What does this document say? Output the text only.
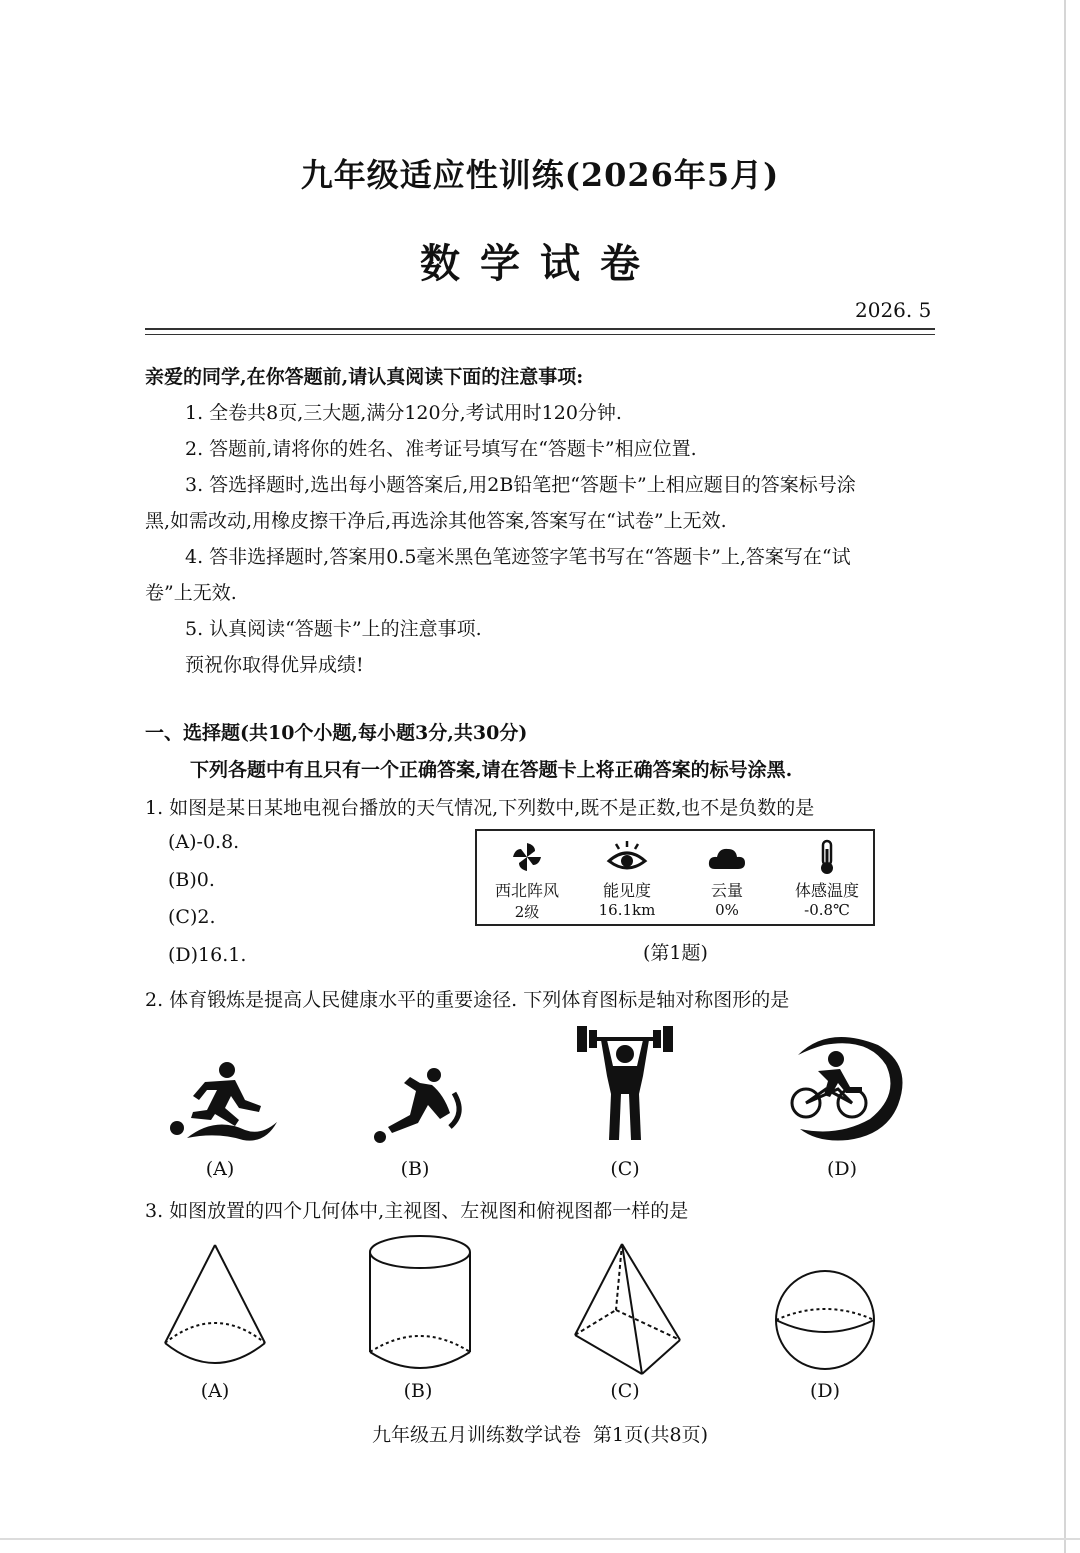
九年级适应性训练(2026年5月)
数学试卷
2026. 5
亲爱的同学,在你答题前,请认真阅读下面的注意事项:
1. 全卷共8页,三大题,满分120分,考试用时120分钟.
2. 答题前,请将你的姓名、准考证号填写在“答题卡”相应位置.
3. 答选择题时,选出每小题答案后,用2B铅笔把“答题卡”上相应题目的答案标号涂
黑,如需改动,用橡皮擦干净后,再选涂其他答案,答案写在“试卷”上无效.
4. 答非选择题时,答案用0.5毫米黑色笔迹签字笔书写在“答题卡”上,答案写在“试
卷”上无效.
5. 认真阅读“答题卡”上的注意事项.
预祝你取得优异成绩!
一、选择题(共10个小题,每小题3分,共30分)
下列各题中有且只有一个正确答案,请在答题卡上将正确答案的标号涂黑.
1. 如图是某日某地电视台播放的天气情况,下列数中,既不是正数,也不是负数的是
(A)-0.8.
(B)0.
(C)2.
(D)16.1.
西北阵风
2级
能见度
16.1km
云量
0%
体感温度
-0.8℃
(第1题)
2. 体育锻炼是提高人民健康水平的重要途径. 下列体育图标是轴对称图形的是
(A)	(B)	(C)	(D)
3. 如图放置的四个几何体中,主视图、左视图和俯视图都一样的是
(A)	(B)	(C)	(D)
九年级五月训练数学试卷  第1页(共8页)
